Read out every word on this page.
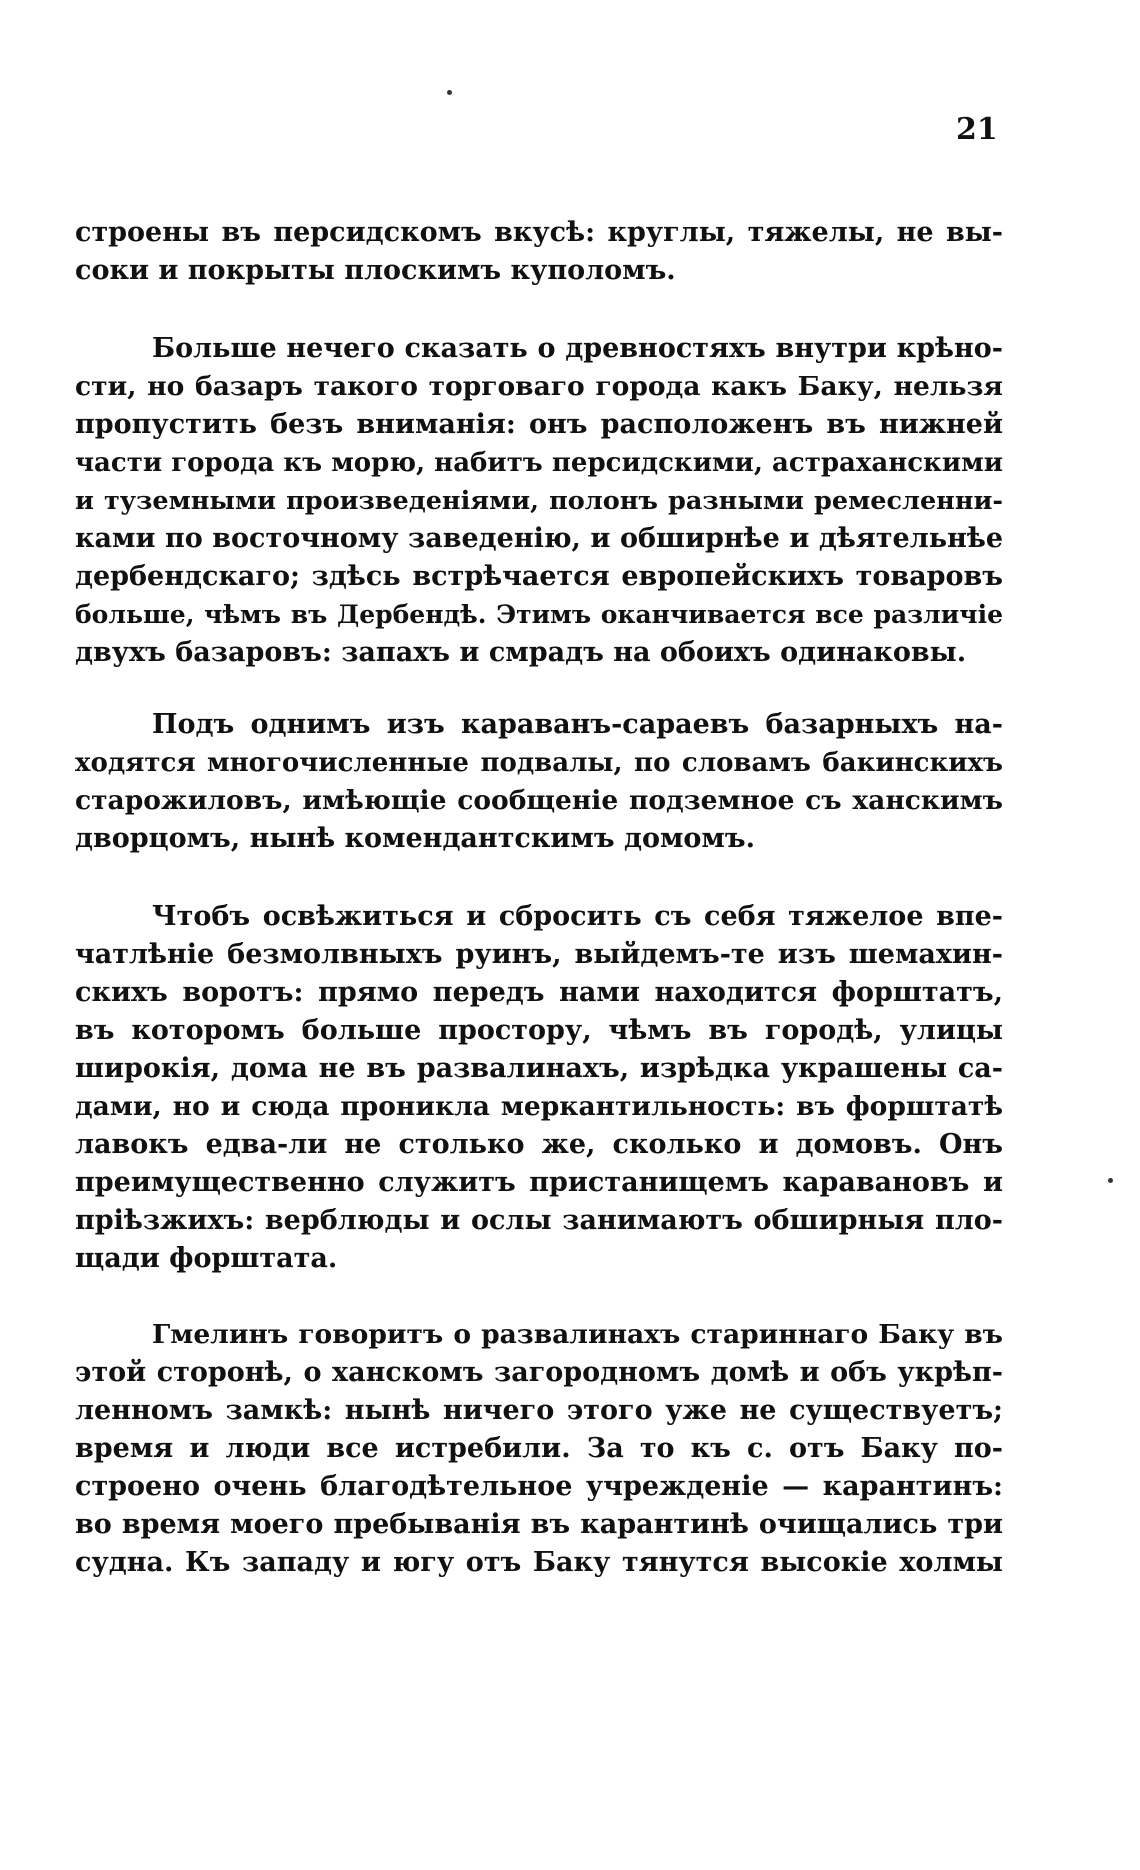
21

строены въ персидскомъ вкусѣ: круглы, тяжелы, не вы-
соки и покрыты плоскимъ куполомъ.
Больше нечего сказать о древностяхъ внутри крѣно-
сти, но базаръ такого торговаго города какъ Баку, нельзя
пропустить безъ вниманія: онъ расположенъ въ нижней
части города къ морю, набитъ персидскими, астраханскими
и туземными произведеніями, полонъ разными ремесленни-
ками по восточному заведенію, и обширнѣе и дѣятельнѣе
дербендскаго; здѣсь встрѣчается европейскихъ товаровъ
больше, чѣмъ въ Дербендѣ. Этимъ оканчивается все различіе
двухъ базаровъ: запахъ и смрадъ на обоихъ одинаковы.
Подъ однимъ изъ караванъ-сараевъ базарныхъ на-
ходятся многочисленные подвалы, по словамъ бакинскихъ
старожиловъ, имѣющіе сообщеніе подземное съ ханскимъ
дворцомъ, нынѣ комендантскимъ домомъ.
Чтобъ освѣжиться и сбросить съ себя тяжелое впе-
чатлѣніе безмолвныхъ руинъ, выйдемъ-те изъ шемахин-
скихъ воротъ: прямо передъ нами находится форштатъ,
въ которомъ больше простору, чѣмъ въ городѣ, улицы
широкія, дома не въ развалинахъ, изрѣдка украшены са-
дами, но и сюда проникла меркантильность: въ форштатѣ
лавокъ едва-ли не столько же, сколько и домовъ. Онъ
преимущественно служитъ пристанищемъ каравановъ и
пріѣзжихъ: верблюды и ослы занимаютъ обширныя пло-
щади форштата.
Гмелинъ говоритъ о развалинахъ стариннаго Баку въ
этой сторонѣ, о ханскомъ загородномъ домѣ и объ укрѣп-
ленномъ замкѣ: нынѣ ничего этого уже не существуетъ;
время и люди все истребили. За то къ с. отъ Баку по-
строено очень благодѣтельное учрежденіе — карантинъ:
во время моего пребыванія въ карантинѣ очищались три
судна. Къ западу и югу отъ Баку тянутся высокіе холмы
